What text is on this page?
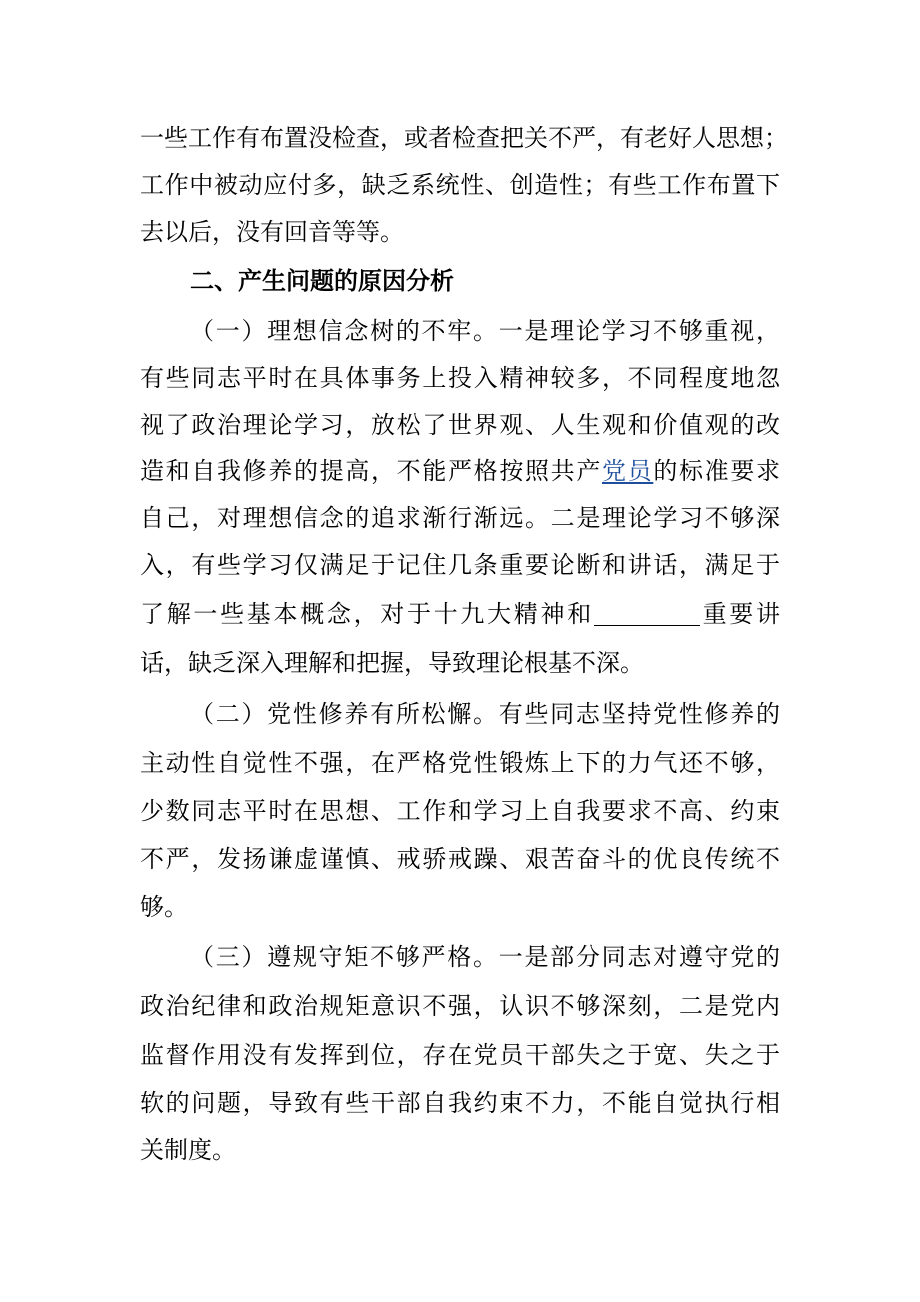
一些工作有布置没检查，或者检查把关不严，有老好人思想；
工作中被动应付多，缺乏系统性、创造性；有些工作布置下
去以后，没有回音等等。
二、产生问题的原因分析
（一）理想信念树的不牢。一是理论学习不够重视，
有些同志平时在具体事务上投入精神较多，不同程度地忽
视了政治理论学习，放松了世界观、人生观和价值观的改
造和自我修养的提高，不能严格按照共产党员的标准要求
自己，对理想信念的追求渐行渐远。二是理论学习不够深
入，有些学习仅满足于记住几条重要论断和讲话，满足于
了解一些基本概念，对于十九大精神和	重要讲
话，缺乏深入理解和把握，导致理论根基不深。
（二）党性修养有所松懈。有些同志坚持党性修养的
主动性自觉性不强，在严格党性锻炼上下的力气还不够，
少数同志平时在思想、工作和学习上自我要求不高、约束
不严，发扬谦虚谨慎、戒骄戒躁、艰苦奋斗的优良传统不
够。
（三）遵规守矩不够严格。一是部分同志对遵守党的
政治纪律和政治规矩意识不强，认识不够深刻，二是党内
监督作用没有发挥到位，存在党员干部失之于宽、失之于
软的问题，导致有些干部自我约束不力，不能自觉执行相
关制度。
